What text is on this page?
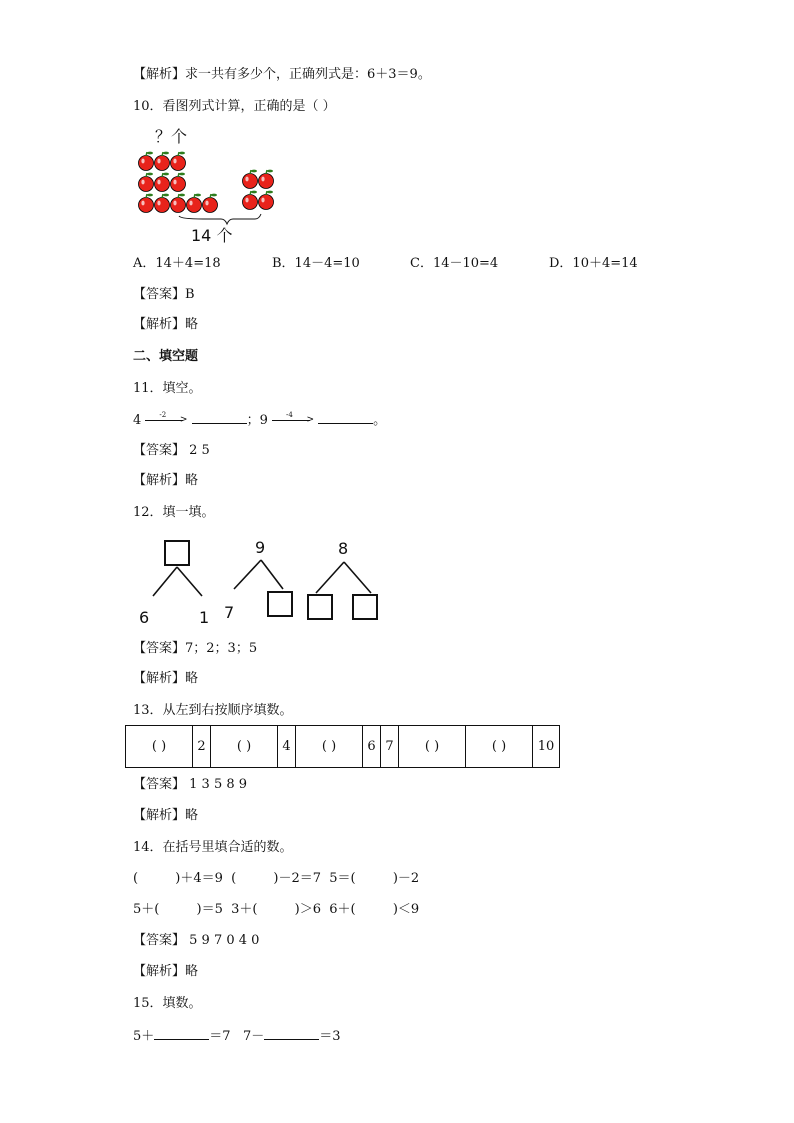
【解析】求一共有多少个，正确列式是：6＋3＝9。
10．看图列式计算，正确的是（ ）
？个
14 个
A．14＋4=18	B．14－4=10	C．14－10=4	D．10＋4=14
【答案】B
【解析】略
二、填空题
11．填空。
4	-2 >	；9	-4 >	。
【答案】 2 5
【解析】略
12．填一填。
6	1
9
7
8
【答案】7；2；3；5
【解析】略
13．从左到右按顺序填数。
( )	2	( )	4	( )	6	7	( )	( )	10
【答案】 1 3 5 8 9
【解析】略
14．在括号里填合适的数。
(         )＋4＝9  (         )－2＝7  5＝(         )－2
5＋(         )＝5  3＋(         )＞6  6＋(         )＜9
【答案】 5 9 7 0 4 0
【解析】略
15．填数。
5＋	＝7 7－	＝3
